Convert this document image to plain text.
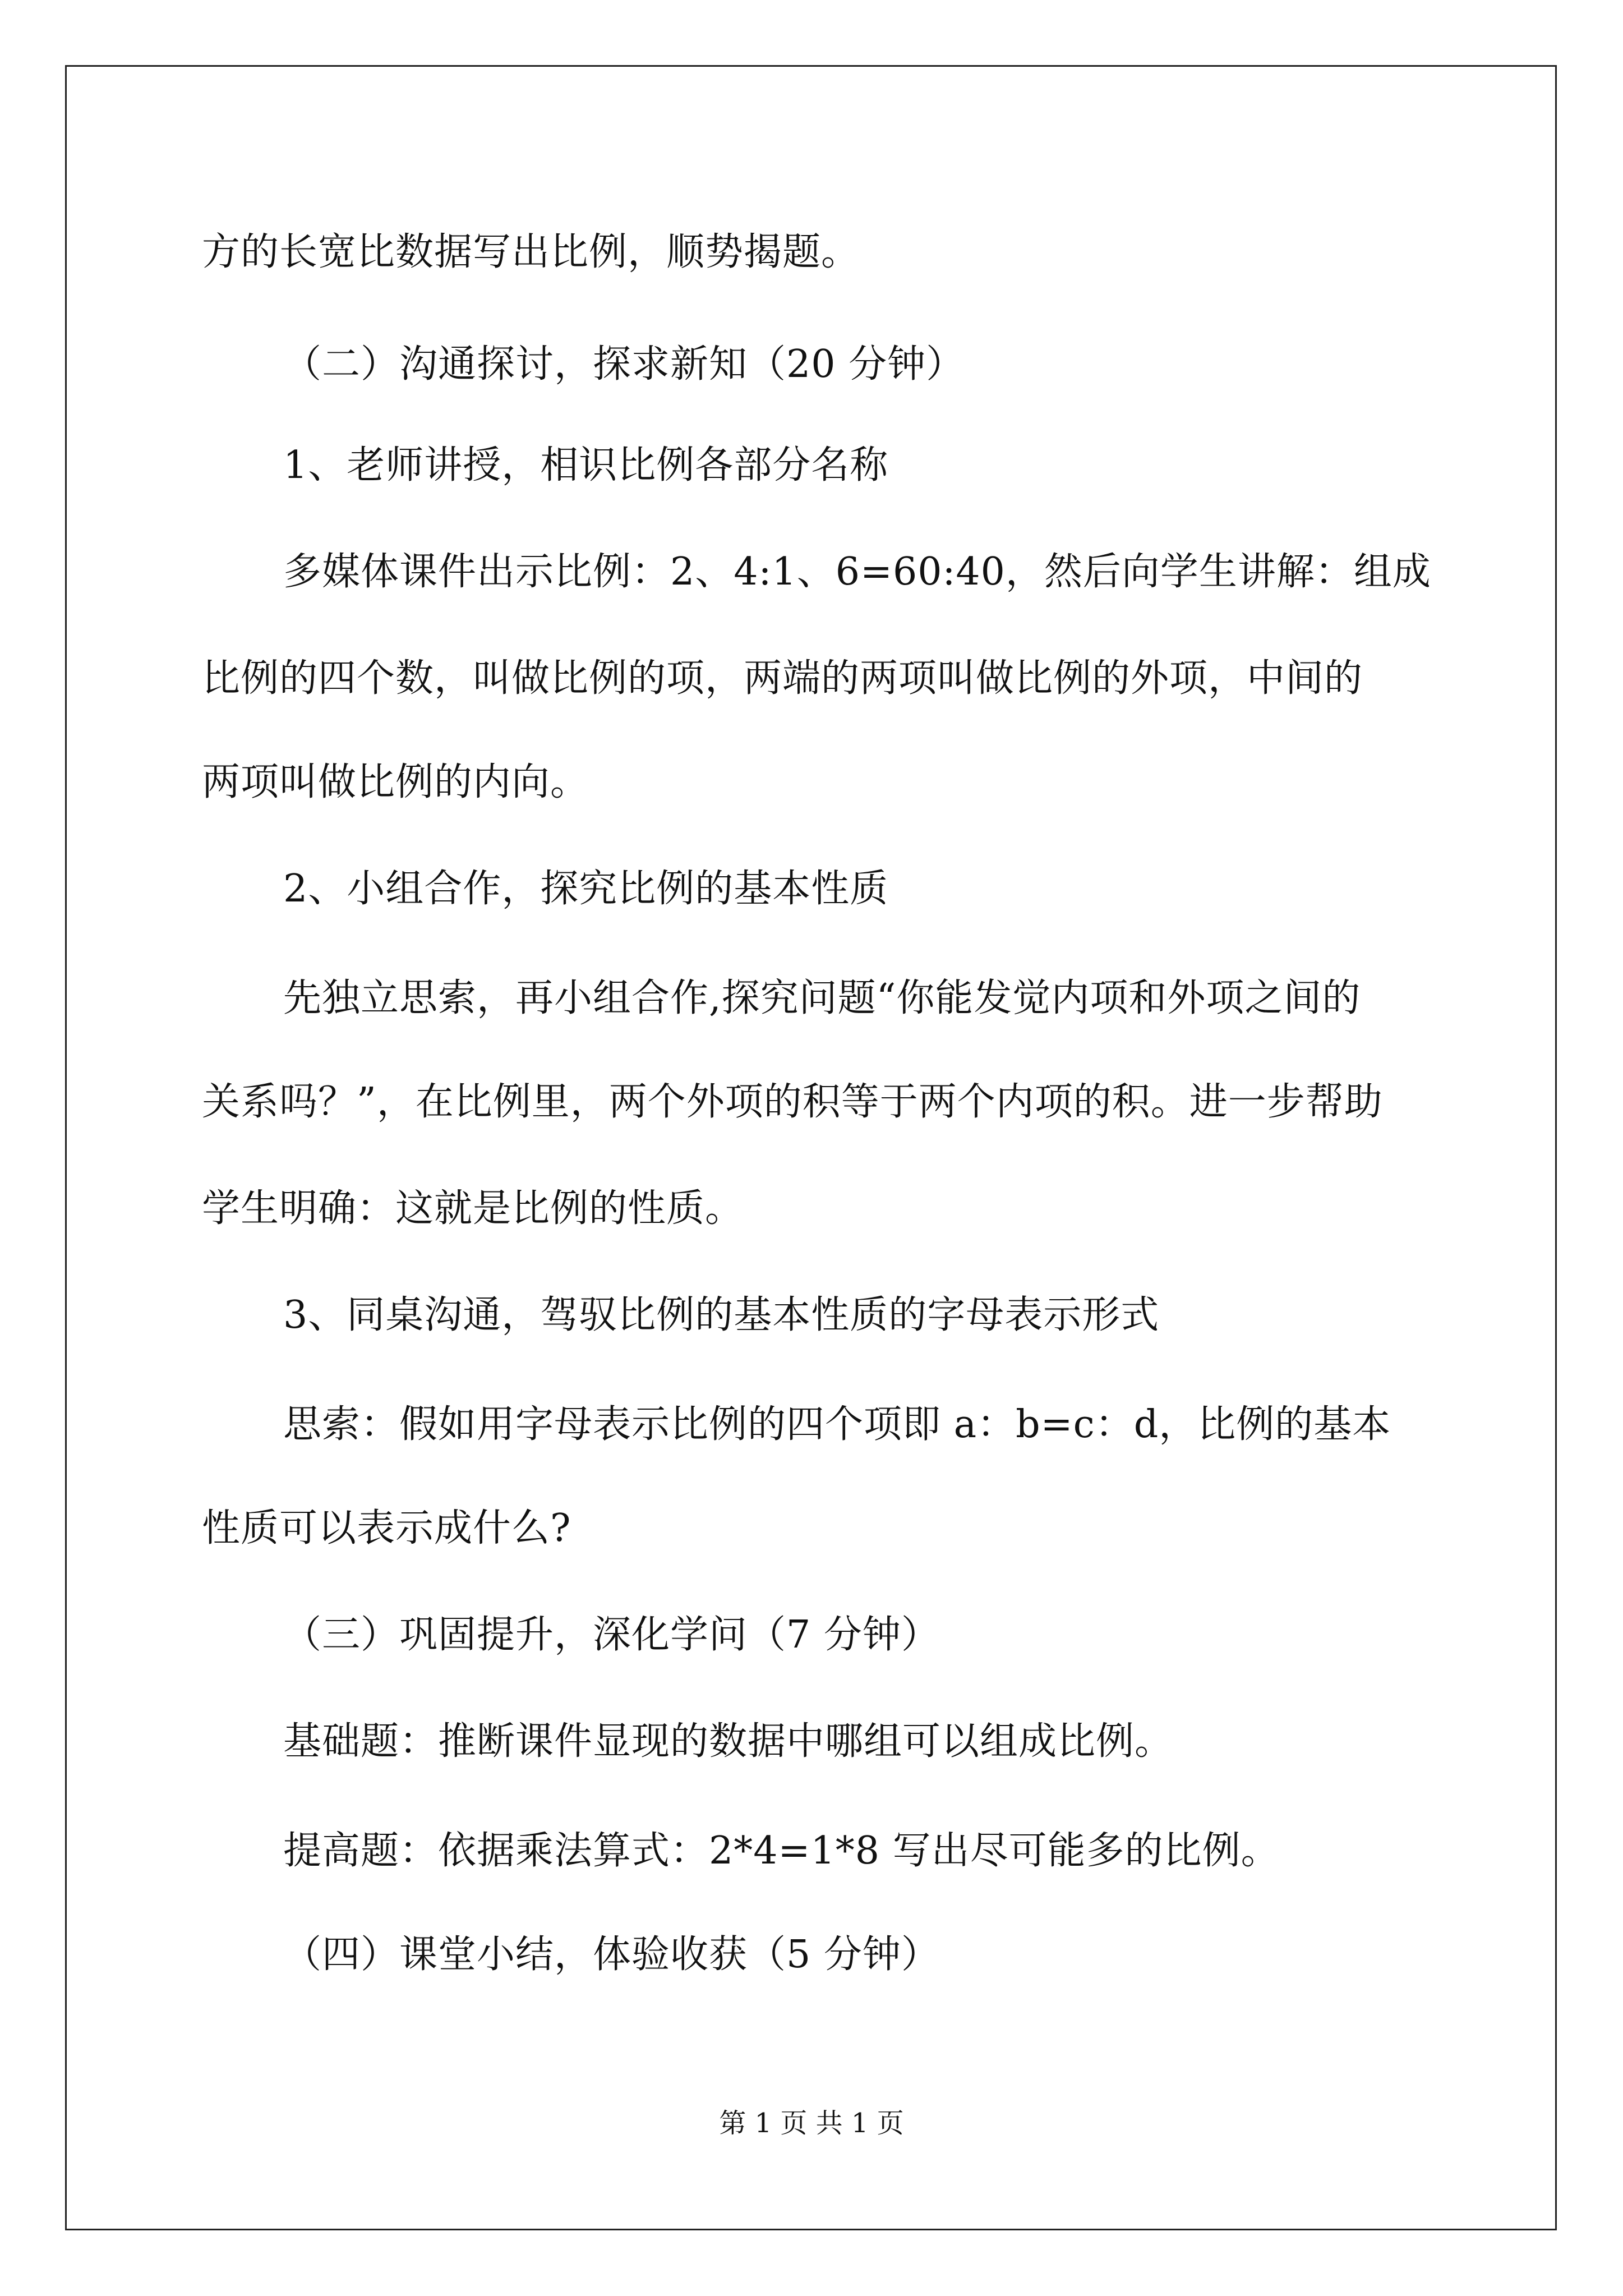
方的长宽比数据写出比例，顺势揭题。
（二）沟通探讨，探求新知（20 分钟）
1、老师讲授，相识比例各部分名称
多媒体课件出示比例：2、4:1、6=60:40，然后向学生讲解：组成
比例的四个数，叫做比例的项，两端的两项叫做比例的外项，中间的
两项叫做比例的内向。
2、小组合作，探究比例的基本性质
先独立思索，再小组合作,探究问题“你能发觉内项和外项之间的
关系吗？”，在比例里，两个外项的积等于两个内项的积。进一步帮助
学生明确：这就是比例的性质。
3、同桌沟通，驾驭比例的基本性质的字母表示形式
思索：假如用字母表示比例的四个项即 a：b=c：d，比例的基本
性质可以表示成什么?
（三）巩固提升，深化学问（7 分钟）
基础题：推断课件显现的数据中哪组可以组成比例。
提高题：依据乘法算式：2*4=1*8 写出尽可能多的比例。
（四）课堂小结，体验收获（5 分钟）
第 1 页 共 1 页
